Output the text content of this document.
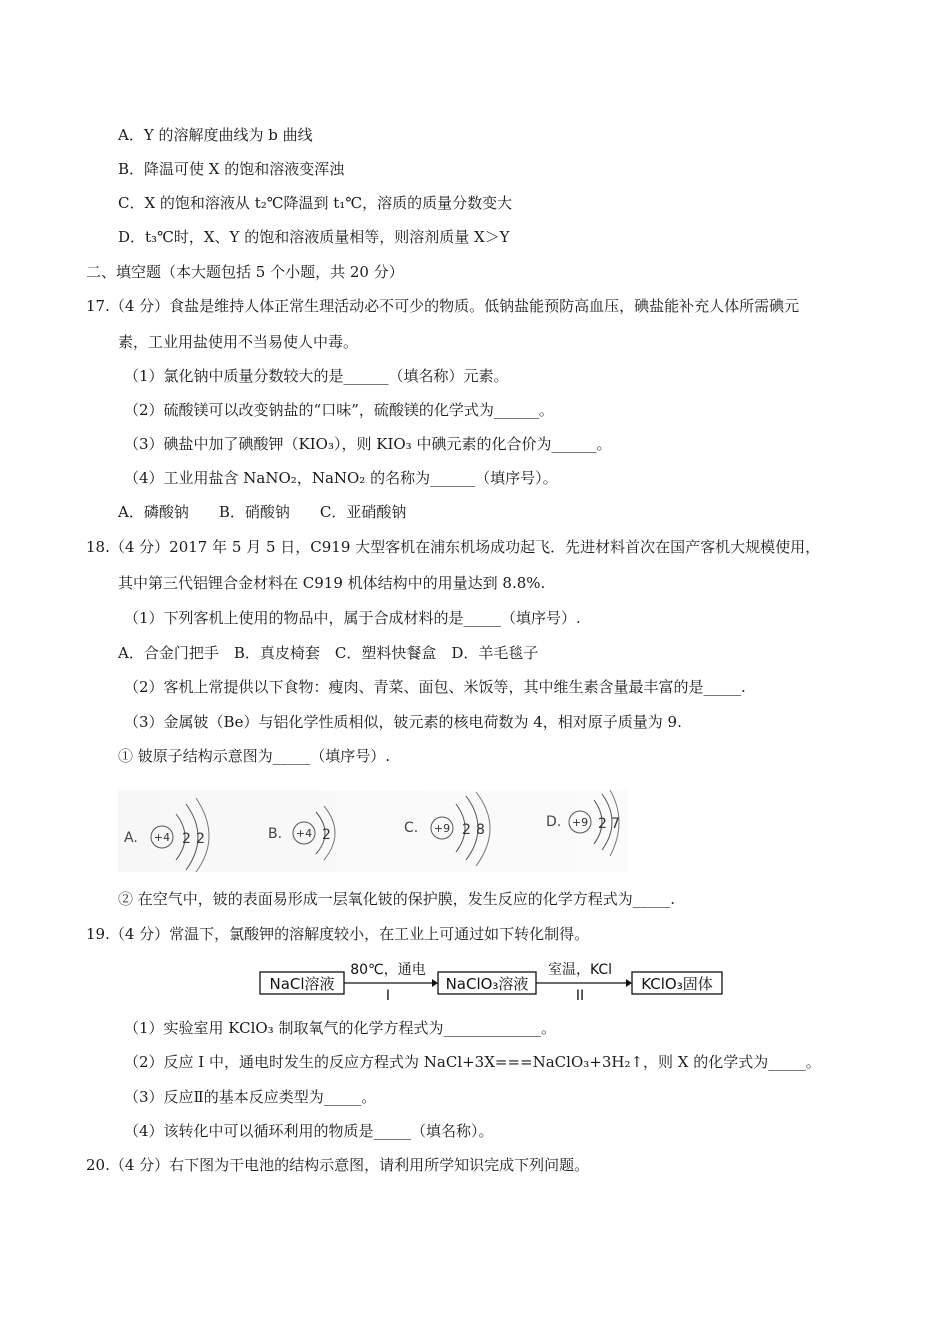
A．Y 的溶解度曲线为 b 曲线
B．降温可使 X 的饱和溶液变浑浊
C．X 的饱和溶液从 t₂℃降温到 t₁℃，溶质的质量分数变大
D．t₃℃时，X、Y 的饱和溶液质量相等，则溶剂质量 X＞Y
二、填空题（本大题包括 5 个小题，共 20 分）
17.（4 分）食盐是维持人体正常生理活动必不可少的物质。低钠盐能预防高血压，碘盐能补充人体所需碘元
素，工业用盐使用不当易使人中毒。
（1）氯化钠中质量分数较大的是______（填名称）元素。
（2）硫酸镁可以改变钠盐的“口味”，硫酸镁的化学式为______。
（3）碘盐中加了碘酸钾（KIO₃），则 KIO₃ 中碘元素的化合价为______。
（4）工业用盐含 NaNO₂，NaNO₂ 的名称为______（填序号）。
A．磷酸钠　　B．硝酸钠　　C．亚硝酸钠
18.（4 分）2017 年 5 月 5 日，C919 大型客机在浦东机场成功起飞．先进材料首次在国产客机大规模使用，
其中第三代铝锂合金材料在 C919 机体结构中的用量达到 8.8%.
（1）下列客机上使用的物品中，属于合成材料的是_____（填序号）.
A．合金门把手　B．真皮椅套　C．塑料快餐盒　D．羊毛毯子
（2）客机上常提供以下食物：瘦肉、青菜、面包、米饭等，其中维生素含量最丰富的是_____.
（3）金属铍（Be）与铝化学性质相似，铍元素的核电荷数为 4，相对原子质量为 9.
① 铍原子结构示意图为_____（填序号）.
A. +4 2 2	B. +4 2	C. +9 2 8	D. +9 2 7
② 在空气中，铍的表面易形成一层氧化铍的保护膜，发生反应的化学方程式为_____.
19.（4 分）常温下，氯酸钾的溶解度较小，在工业上可通过如下转化制得。
NaCl溶液
80℃，通电
I
NaClO₃溶液
室温，KCl
II
KClO₃固体
（1）实验室用 KClO₃ 制取氧气的化学方程式为_____________。
（2）反应 I 中，通电时发生的反应方程式为 NaCl+3X===NaClO₃+3H₂↑，则 X 的化学式为_____。
（3）反应Ⅱ的基本反应类型为_____。
（4）该转化中可以循环利用的物质是_____（填名称）。
20.（4 分）右下图为干电池的结构示意图，请利用所学知识完成下列问题。
